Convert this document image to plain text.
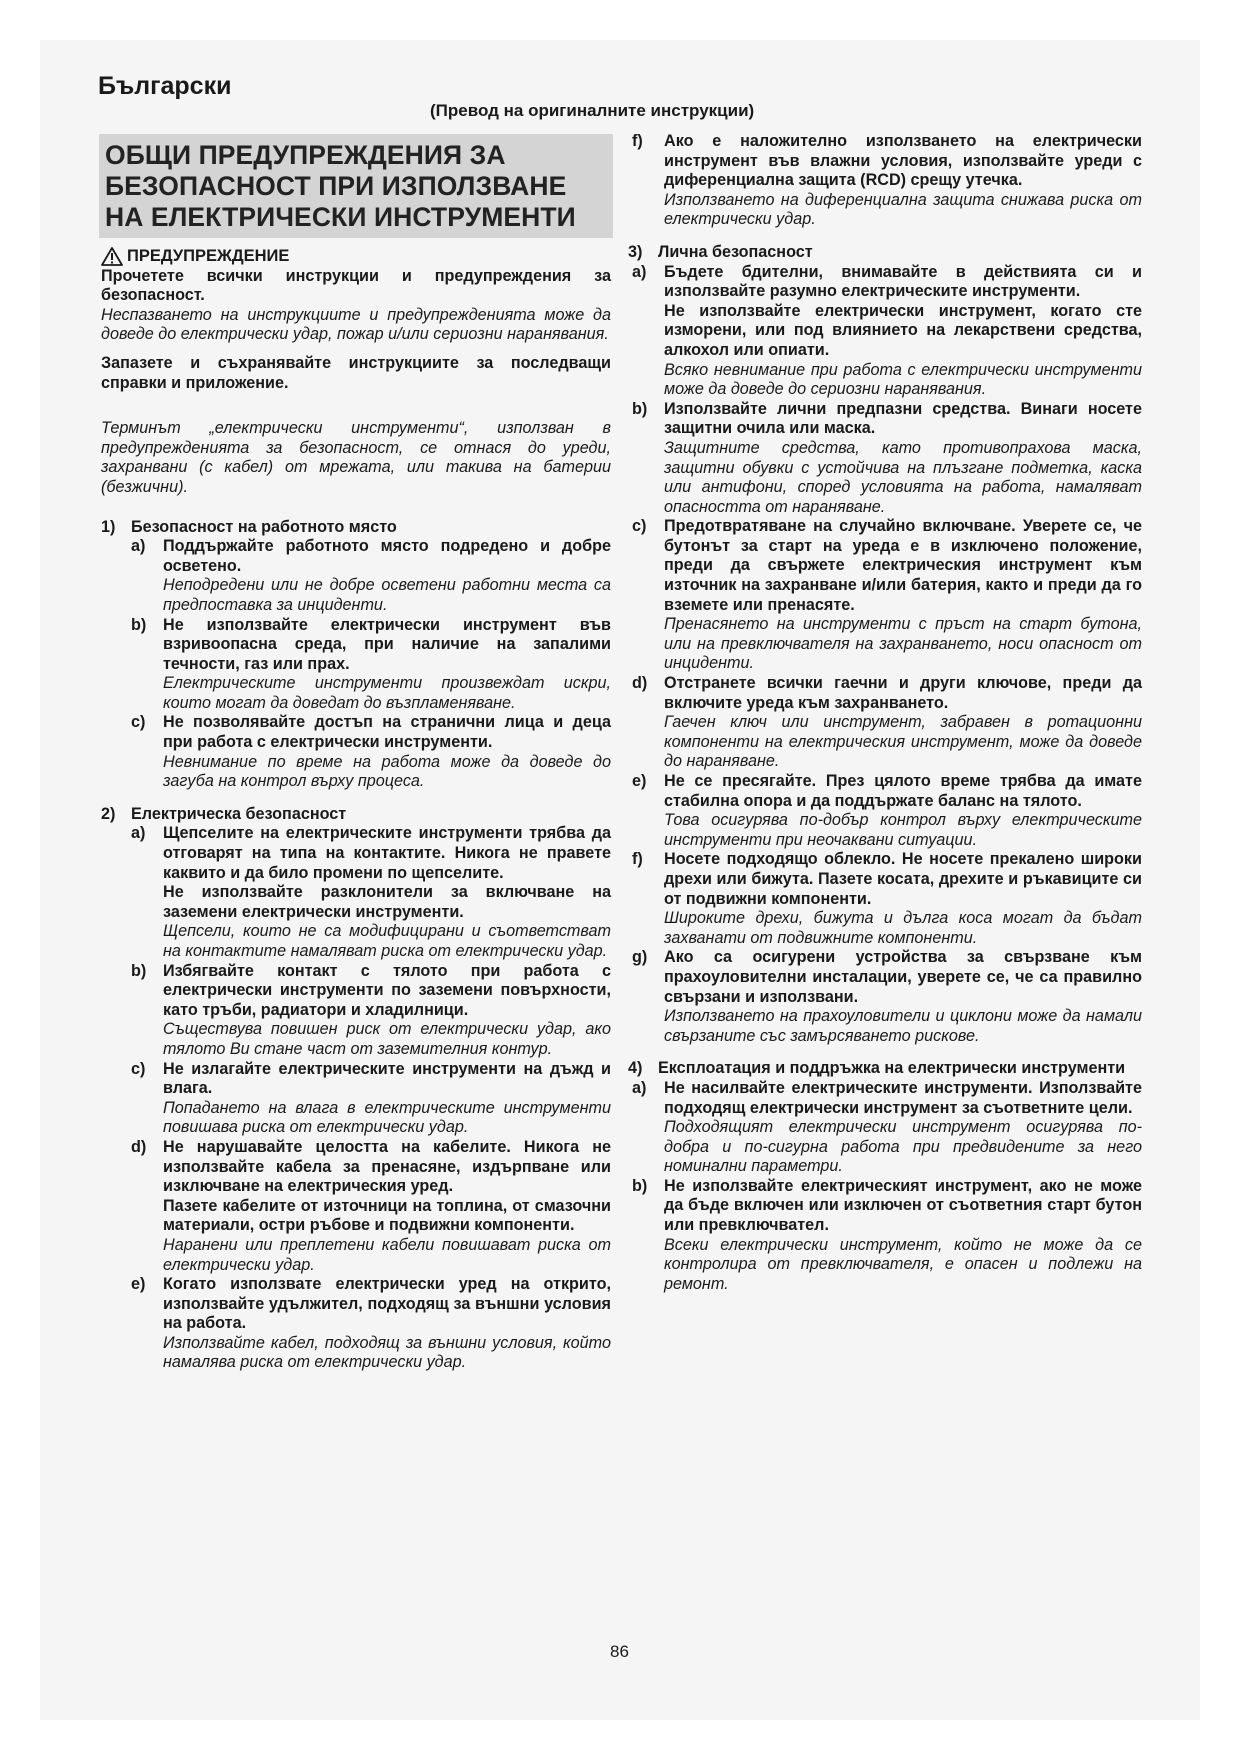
Български
(Превод на оригиналните инструкции)
ОБЩИ ПРЕДУПРЕЖДЕНИЯ ЗА
БЕЗОПАСНОСТ ПРИ ИЗПОЛЗВАНЕ
НА ЕЛЕКТРИЧЕСКИ ИНСТРУМЕНТИ
ПРЕДУПРЕЖДЕНИЕ

Прочетете всички инструкции и предупреждения за безопасност.

Неспазването на инструкциите и предупрежденията може да доведе до електрически удар, пожар и/или сериозни наранявания.

Запазете и съхранявайте инструкциите за последващи справки и приложение.

Терминът „електрически инструменти“, използван в предупрежденията за безопасност, се отнася до уреди, захранвани (с кабел) от мрежата, или такива на батерии (безжични).

1) Безопасност на работното място
a)	Поддържайте работното място подредено и добре осветено.

Неподредени или не добре осветени работни места са предпоставка за инциденти.

b)	Не използвайте електрически инструмент във взривоопасна среда, при наличие на запалими течности, газ или прах.

Електрическите инструменти произвеждат искри, които могат да доведат до възпламеняване.

c)	Не позволявайте достъп на странични лица и деца при работа с електрически инструменти.

Невнимание по време на работа може да доведе до загуба на контрол върху процеса.

2) Електрическа безопасност
a)	Щепселите на електрическите инструменти трябва да отговарят на типа на контактите. Никога не правете каквито и да било промени по щепселите.

Не използвайте разклонители за включване на заземени електрически инструменти.

Щепсели, които не са модифицирани и съответстват на контактите намаляват риска от електрически удар.

b)	Избягвайте контакт с тялото при работа с електрически инструменти по заземени повърхности, като тръби, радиатори и хладилници.

Съществува повишен риск от електрически удар, ако тялото Ви стане част от заземителния контур.

c)	Не излагайте електрическите инструменти на дъжд и влага.

Попадането на влага в електрическите инструменти повишава риска от електрически удар.

d)	Не нарушавайте целостта на кабелите. Никога не използвайте кабела за пренасяне, издърпване или изключване на електрическия уред.

Пазете кабелите от източници на топлина, от смазочни материали, остри ръбове и подвижни компоненти.

Наранени или преплетени кабели повишават риска от електрически удар.

e)	Когато използвате електрически уред на открито, използвайте удължител, подходящ за външни условия на работа.

Използвайте кабел, подходящ за външни условия, който намалява риска от електрически удар.

f)	Ако е наложително използването на електрически инструмент във влажни условия, използвайте уреди с диференциална защита (RCD) срещу утечка.

Използването на диференциална защита снижава риска от електрически удар.

3) Лична безопасност
a)	Бъдете бдителни, внимавайте в действията си и използвайте разумно електрическите инструменти.

Не използвайте електрически инструмент, когато сте изморени, или под влиянието на лекарствени средства, алкохол или опиати.

Всяко невнимание при работа с електрически инструменти може да доведе до сериозни наранявания.

b)	Използвайте лични предпазни средства. Винаги носете защитни очила или маска.

Защитните средства, като противопрахова маска, защитни обувки с устойчива на плъзгане подметка, каска или антифони, според условията на работа, намаляват опасността от нараняване.

c)	Предотвратяване на случайно включване. Уверете се, че бутонът за старт на уреда е в изключено положение, преди да свържете електрическия инструмент към източник на захранване и/или батерия, както и преди да го вземете или пренасяте.

Пренасянето на инструменти с пръст на старт бутона, или на превключвателя на захранването, носи опасност от инциденти.

d)	Отстранете всички гаечни и други ключове, преди да включите уреда към захранването.

Гаечен ключ или инструмент, забравен в ротационни компоненти на електрическия инструмент, може да доведе до нараняване.

e)	Не се пресягайте. През цялото време трябва да имате стабилна опора и да поддържате баланс на тялото.

Това осигурява по-добър контрол върху електрическите инструменти при неочаквани ситуации.

f)	Носете подходящо облекло. Не носете прекалено широки дрехи или бижута. Пазете косата, дрехите и ръкавиците си от подвижни компоненти.

Широките дрехи, бижута и дълга коса могат да бъдат захванати от подвижните компоненти.

g)	Ако са осигурени устройства за свързване към прахоуловителни инсталации, уверете се, че са правилно свързани и използвани.

Използването на прахоуловители и циклони може да намали свързаните със замърсяването рискове.

4) Експлоатация и поддръжка на електрически инструменти
a)	Не насилвайте електрическите инструменти. Използвайте подходящ електрически инструмент за съответните цели.

Подходящият електрически инструмент осигурява по-добра и по-сигурна работа при предвидените за него номинални параметри.

b)	Не използвайте електрическият инструмент, ако не може да бъде включен или изключен от съответния старт бутон или превключвател.

Всеки електрически инструмент, който не може да се контролира от превключвателя, е опасен и подлежи на ремонт.

86
